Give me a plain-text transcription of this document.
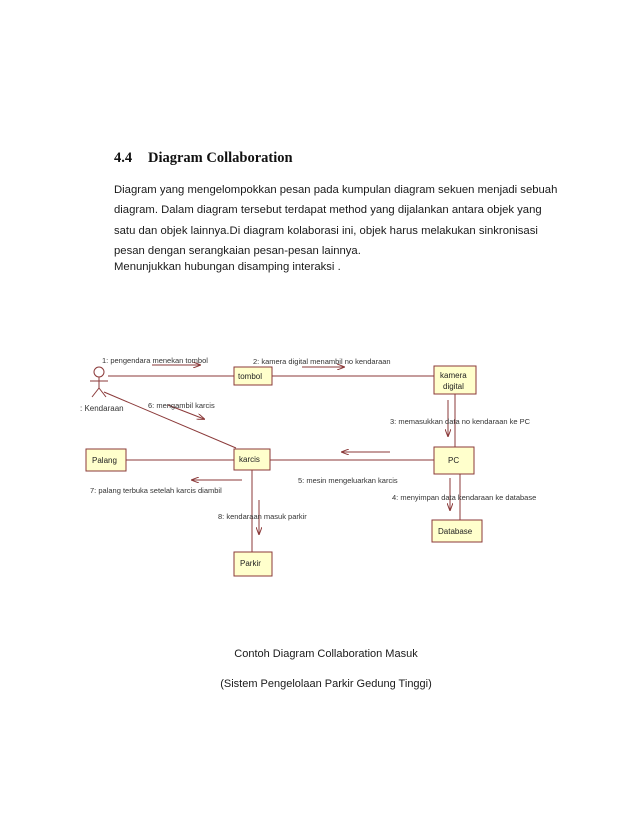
4.4 Diagram Collaboration
Diagram yang mengelompokkan pesan pada kumpulan diagram sekuen menjadi sebuah
diagram. Dalam diagram tersebut terdapat method yang dijalankan antara objek yang
satu dan objek lainnya.Di diagram kolaborasi ini, objek harus melakukan sinkronisasi
pesan dengan serangkaian pesan-pesan lainnya.
Menunjukkan hubungan disamping interaksi .
: Kendaraan
tombol	kamera
digital
Palang	karcis	PC
Database
Parkir
1: pengendara menekan tombol	2: kamera digital menambil no kendaraan
6: mengambil karcis
3: memasukkan data no kendaraan ke PC
5: mesin mengeluarkan karcis
7: palang terbuka setelah karcis diambil
4: menyimpan data kendaraan ke database
8: kendaraan masuk parkir
Contoh Diagram Collaboration Masuk
(Sistem Pengelolaan Parkir Gedung Tinggi)
